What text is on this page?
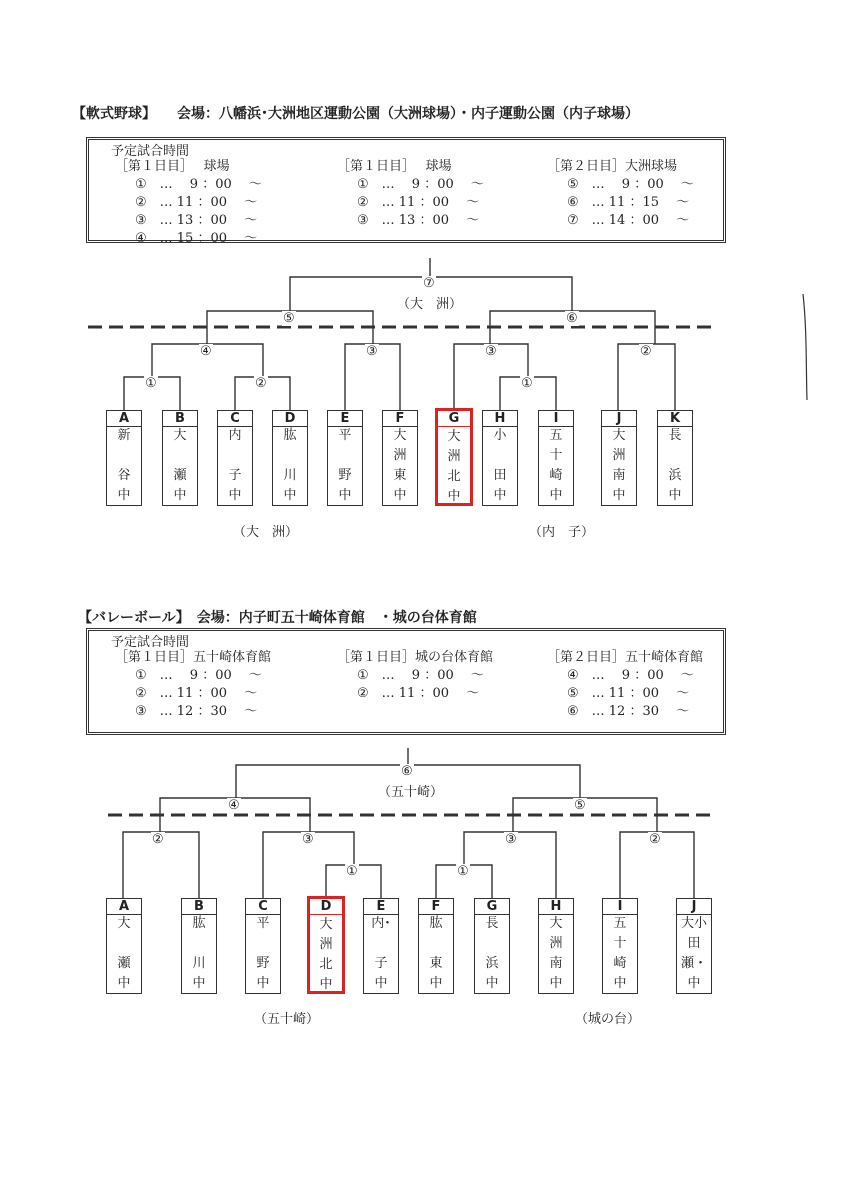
【軟式野球】　　会場：八幡浜･大洲地区運動公園（大洲球場）・内子運動公園（内子球場）
予定試合時間
［第１日目］　 球場
①　… 　9 ：00 　～
②　… 11 ：00 　～
③　… 13 ：00 　～
④　… 15 ：00 　～
［第１日目］　 球場
①　… 　9 ：00 　～
②　… 11 ：00 　～
③　… 13 ：00 　～
［第２日目］大洲球場
⑤　… 　9 ：00 　～
⑥　… 11 ：15 　～
⑦　… 14 ：00 　～
⑦
（大　洲）
⑤	⑥
④	③	③	②
①	②	①
A
新
谷
中
B
大
瀬
中
C
内
子
中
D
肱
川
中
E
平
野
中
F
大
洲
東
中
G
大
洲
北
中
H
小
田
中
I
五
十
崎
中
J
大
洲
南
中
K
長
浜
中
（大　洲）	（内　子）
【バレーボール】　会場：内子町五十崎体育館　・城の台体育館
予定試合時間
［第１日目］五十崎体育館
①　… 　9 ：00 　～
②　… 11 ：00 　～
③　… 12 ：30 　～
［第１日目］城の台体育館
①　… 　9 ：00 　～
②　… 11 ：00 　～
［第２日目］五十崎体育館
④　… 　9 ：00 　～
⑤　… 11 ：00 　～
⑥　… 12 ：30 　～
⑥
（五十崎）
④	⑤
②	③	③	②
①	①
A
大
瀬
中
B
肱
川
中
C
平
野
中
D
大
洲
北
中
E
内･
子
中
F
肱
東
中
G
長
浜
中
H
大
洲
南
中
I
五
十
崎
中
J
大小
田
瀬・
中
（五十崎）	（城の台）
